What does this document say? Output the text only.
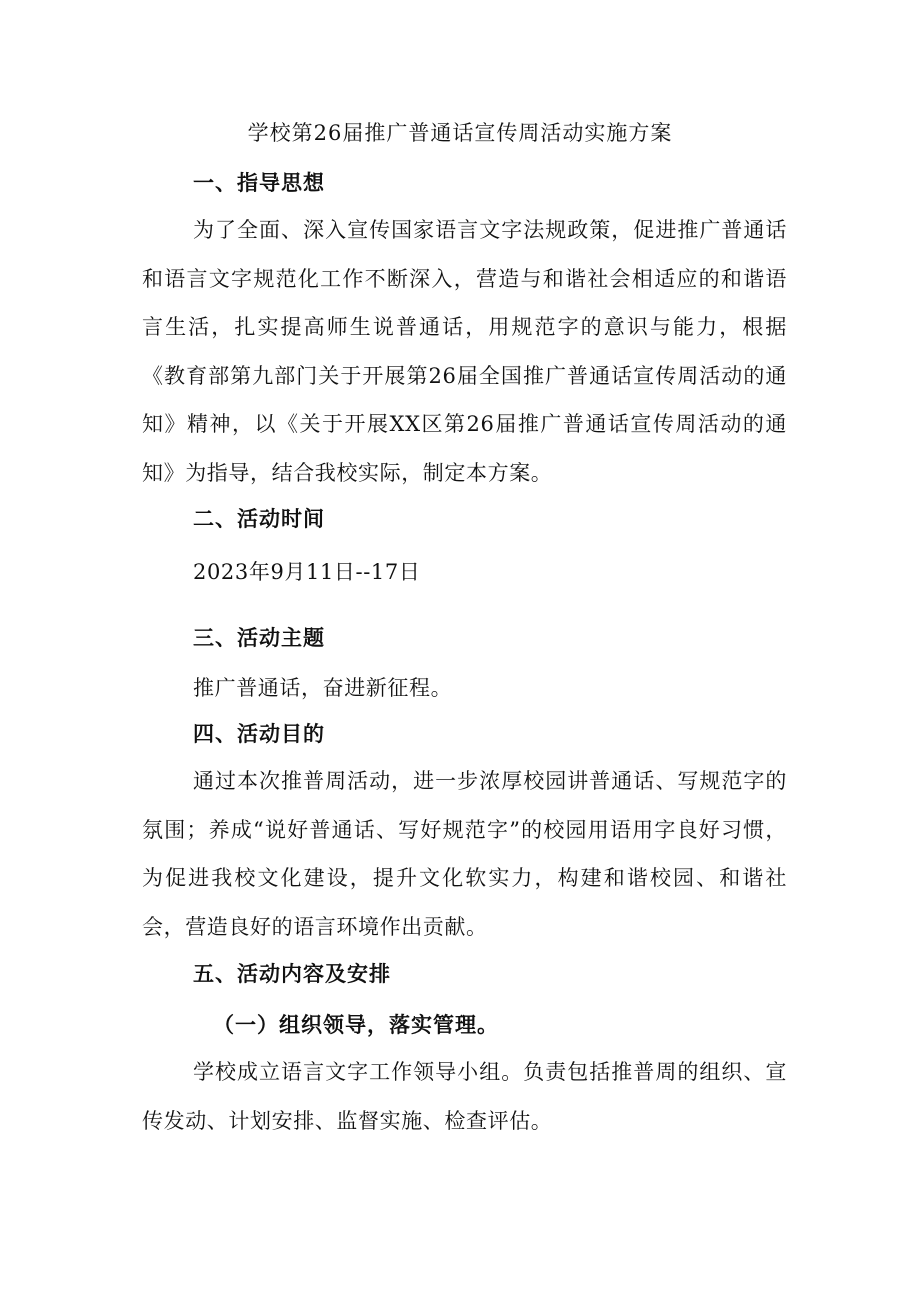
学校第26届推广普通话宣传周活动实施方案
一、指导思想

为了全面、深入宣传国家语言文字法规政策，促进推广普通话和语言文字规范化工作不断深入，营造与和谐社会相适应的和谐语言生活，扎实提高师生说普通话，用规范字的意识与能力，根据《教育部第九部门关于开展第26届全国推广普通话宣传周活动的通知》精神，以《关于开展XX区第26届推广普通话宣传周活动的通知》为指导，结合我校实际，制定本方案。

二、活动时间
2023年9月11日--17日
三、活动主题
推广普通话，奋进新征程。
四、活动目的

通过本次推普周活动，进一步浓厚校园讲普通话、写规范字的氛围；养成“说好普通话、写好规范字”的校园用语用字良好习惯，为促进我校文化建设，提升文化软实力，构建和谐校园、和谐社会，营造良好的语言环境作出贡献。

五、活动内容及安排
（一）组织领导，落实管理。

学校成立语言文字工作领导小组。负责包括推普周的组织、宣传发动、计划安排、监督实施、检查评估。
